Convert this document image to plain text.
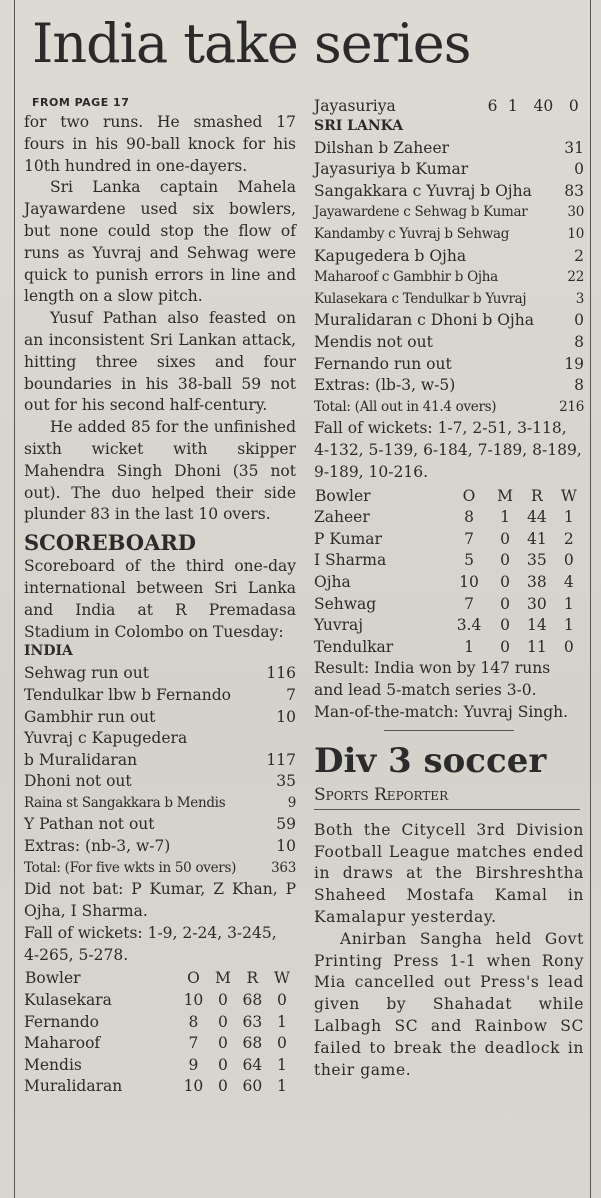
India take series
FROM PAGE 17

for two runs. He smashed 17 fours in his 90-ball knock for his 10th hundred in one-dayers.

Sri Lanka captain Mahela Jayawardene used six bowlers, but none could stop the flow of runs as Yuvraj and Sehwag were quick to punish errors in line and length on a slow pitch.

Yusuf Pathan also feasted on an inconsistent Sri Lankan attack, hitting three sixes and four boundaries in his 38-ball 59 not out for his second half-century.

He added 85 for the unfinished sixth wicket with skipper Mahendra Singh Dhoni (35 not out). The duo helped their side plunder 83 in the last 10 overs.

SCOREBOARD
Scoreboard of the third one-day international between Sri Lanka and India at R Premadasa Stadium in Colombo on Tuesday:
INDIA
Sehwag run out	116
Tendulkar lbw b Fernando	7
Gambhir run out	10
Yuvraj c Kapugedera
b Muralidaran	117
Dhoni not out	35
Raina st Sangakkara b Mendis	9
Y Pathan not out	59
Extras: (nb-3, w-7)	10
Total: (For five wkts in 50 overs)	363
Did not bat: P Kumar, Z Khan, P Ojha, I Sharma.
Fall of wickets: 1-9, 2-24, 3-245, 4-265, 5-278.
Bowler	O	M	R	W
Kulasekara	10	0	68	0
Fernando	8	0	63	1
Maharoof	7	0	68	0
Mendis	9	0	64	1
Muralidaran	10	0	60	1
Jayasuriya	6	1	40	0
SRI LANKA
Dilshan b Zaheer	31
Jayasuriya b Kumar	0
Sangakkara c Yuvraj b Ojha 83
Jayawardene c Sehwag b Kumar	30
Kandamby c Yuvraj b Sehwag	10
Kapugedera b Ojha	2
Maharoof c Gambhir b Ojha	22
Kulasekara c Tendulkar b Yuvraj	3
Muralidaran c Dhoni b Ojha	0
Mendis not out	8
Fernando run out	19
Extras: (lb-3, w-5)	8
Total: (All out in 41.4 overs)	216
Fall of wickets: 1-7, 2-51, 3-118, 4-132, 5-139, 6-184, 7-189, 8-189, 9-189, 10-216.
Bowler	O	M	R	W
Zaheer	8	1	44	1
P Kumar	7	0	41	2
I Sharma	5	0	35	0
Ojha	10	0	38	4
Sehwag	7	0	30	1
Yuvraj	3.4	0	14	1
Tendulkar	1	0	11	0
Result: India won by 147 runs and lead 5-match series 3-0.
Man-of-the-match: Yuvraj Singh.
Div 3 soccer
Sports Reporter

Both the Citycell 3rd Division Football League matches ended in draws at the Birshreshtha Shaheed Mostafa Kamal in Kamalapur yesterday.

Anirban Sangha held Govt Printing Press 1-1 when Rony Mia cancelled out Press's lead given by Shahadat while Lalbagh SC and Rainbow SC failed to break the deadlock in their game.
